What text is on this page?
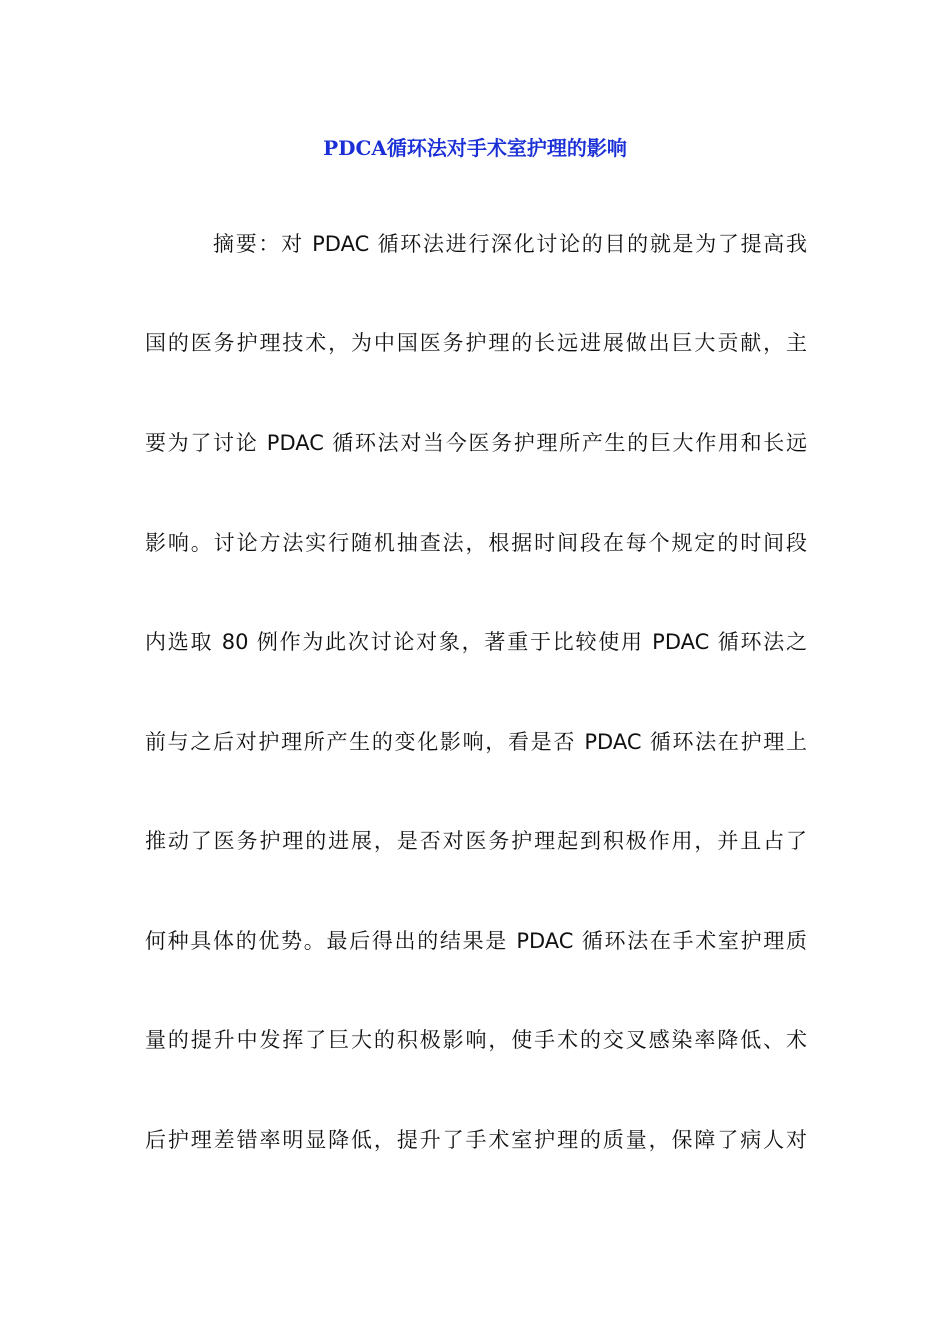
PDCA循环法对手术室护理的影响
摘要：对 PDAC 循环法进行深化讨论的目的就是为了提高我
国的医务护理技术，为中国医务护理的长远进展做出巨大贡献，主
要为了讨论 PDAC 循环法对当今医务护理所产生的巨大作用和长远
影响。讨论方法实行随机抽查法，根据时间段在每个规定的时间段
内选取 80 例作为此次讨论对象，著重于比较使用 PDAC 循环法之
前与之后对护理所产生的变化影响，看是否 PDAC 循环法在护理上
推动了医务护理的进展，是否对医务护理起到积极作用，并且占了
何种具体的优势。最后得出的结果是 PDAC 循环法在手术室护理质
量的提升中发挥了巨大的积极影响，使手术的交叉感染率降低、术
后护理差错率明显降低，提升了手术室护理的质量，保障了病人对
